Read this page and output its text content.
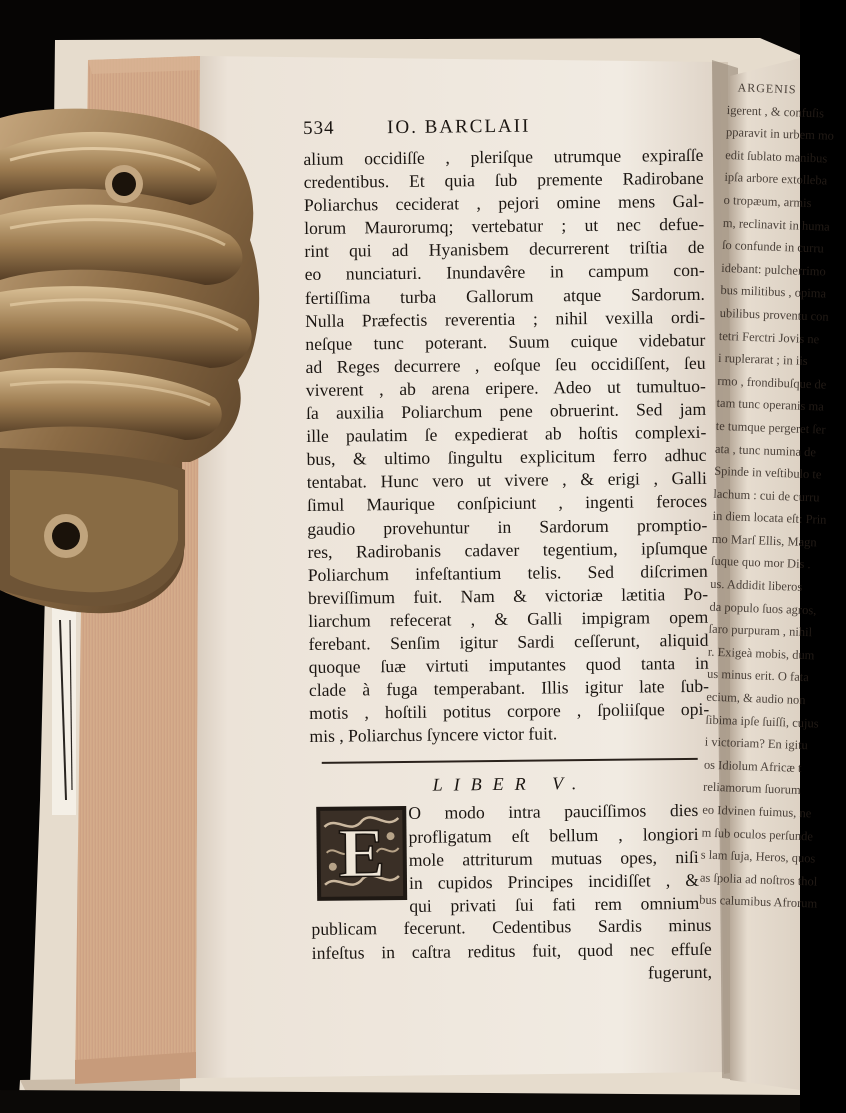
534	IO. BARCLAII
alium occidiſſe , pleriſque utrumque expiraſſe
credentibus. Et quia ſub premente Radirobane
Poliarchus ceciderat , pejori omine mens Gal-
lorum Maurorumq; vertebatur ; ut nec defue-
rint qui ad Hyanisbem decurrerent triſtia de
eo nunciaturi. Inundavêre in campum con-
fertiſſima turba Gallorum atque Sardorum.
Nulla Præfectis reverentia ; nihil vexilla ordi-
neſque tunc poterant. Suum cuique videbatur
ad Reges decurrere , eoſque ſeu occidiſſent, ſeu
viverent , ab arena eripere. Adeo ut tumultuo-
ſa auxilia Poliarchum pene obruerint. Sed jam
ille paulatim ſe expedierat ab hoſtis complexi-
bus, & ultimo ſingultu explicitum ferro adhuc
tentabat. Hunc vero ut vivere , & erigi , Galli
ſimul Maurique conſpiciunt , ingenti feroces
gaudio provehuntur in Sardorum promptio-
res, Radirobanis cadaver tegentium, ipſumque
Poliarchum infeſtantium telis. Sed diſcrimen
breviſſimum fuit. Nam & victoriæ lætitia Po-
liarchum refecerat , & Galli impigram opem
ferebant. Senſim igitur Sardi ceſſerunt, aliquid
quoque ſuæ virtuti imputantes quod tanta in
clade à fuga temperabant. Illis igitur late ſub-
motis , hoſtili potitus corpore , ſpoliiſque opi-
mis , Poliarchus ſyncere victor fuit.
LIBER V.
E
O modo intra pauciſſimos dies
profligatum eſt bellum , longiori
mole attriturum mutuas opes, niſi
in cupidos Principes incidiſſet , &
qui privati ſui fati rem omnium
publicam fecerunt. Cedentibus Sardis minus
infeſtus in caſtra reditus fuit, quod nec effuſe
fugerunt,
ARGENIS
igerent , & confuſis
pparavit in urbem mo
edit ſublato manibus
ipſa arbore extolleba
o tropæum, armis
m, reclinavit in huma
ſo confunde in curru
idebant: pulcherrimo
bus militibus , opima
ubilibus proventu con
tetri Ferctri Jovis ne
i ruplerarat ; in iis
rmo , frondibuſque de
tam tunc operanis ma
te tumque pergeret ſer
ata , tunc numina de
Spinde in veſtibulo te
lachum : cui de curru
in diem locata eſt: Prin
mo Marſ Ellis, Magn
ſuque quo mor Dis .
us. Addidit liberos
da populo ſuos agros,
ſaro purpuram , nihil
r. Exigeà mobis, dum
us minus erit. O fata
ecium, & audio non
ſibima ipſe ſuiſſi, cujus
i victoriam? En igitu
os Idiolum Africæ t
reliamorum ſuorum
eo Idvinen fuimus, ne
m ſub oculos perſunde
s lam ſuja, Heros, quos
as ſpolia ad noſtros thol
bus calumibus Afrorum
